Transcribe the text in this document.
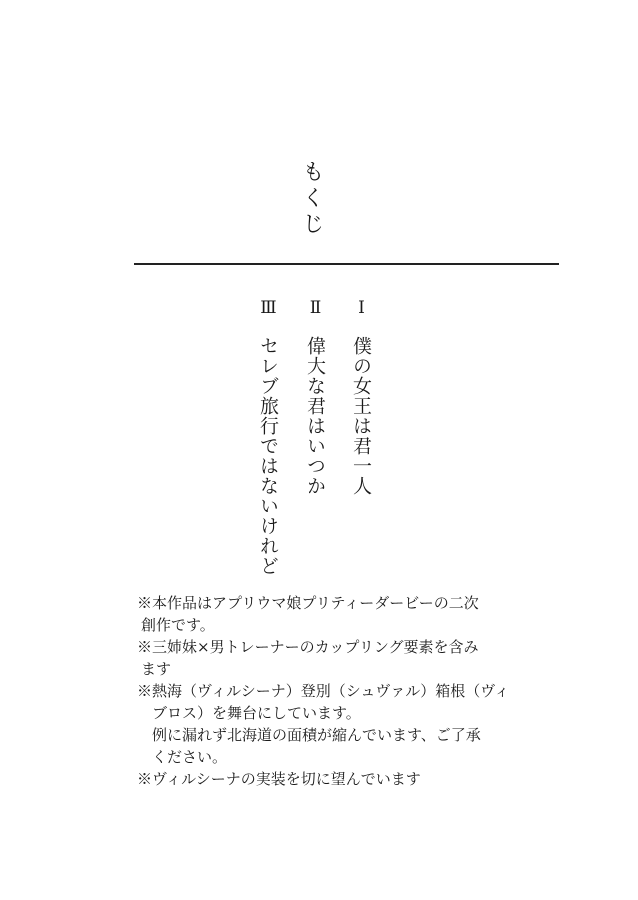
もくじ
Ⅰ
僕の女王は君一人
Ⅱ
偉大な君はいつか
Ⅲ
セレブ旅行ではないけれど
※本作品はアプリウマ娘プリティーダービーの二次
創作です。
※三姉妹×男トレーナーのカップリング要素を含み
ます
※熱海（ヴィルシーナ）登別（シュヴァル）箱根（ヴィ
ブロス）を舞台にしています。
例に漏れず北海道の面積が縮んでいます、ご了承
ください。
※ヴィルシーナの実装を切に望んでいます
